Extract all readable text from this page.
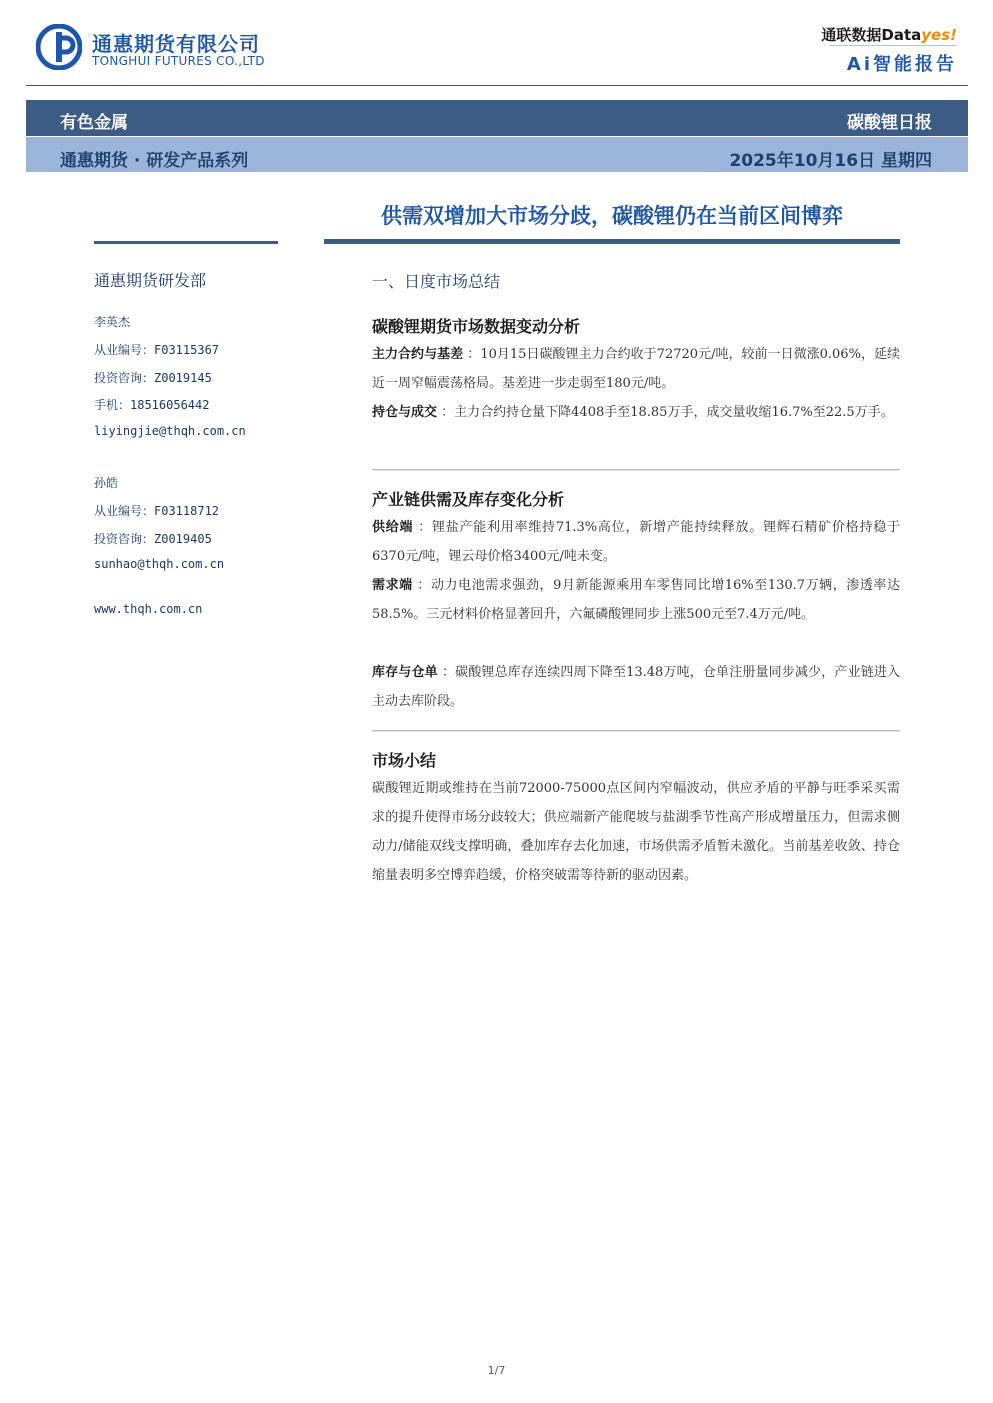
通惠期货有限公司
TONGHUI FUTURES CO.,LTD
通联数据Datayes!
Ai智能报告
有色金属	碳酸锂日报
通惠期货 · 研发产品系列	2025年10月16日 星期四
供需双增加大市场分歧，碳酸锂仍在当前区间博弈
通惠期货研发部
李英杰
从业编号：F03115367
投资咨询：Z0019145
手机：18516056442
liyingjie@thqh.com.cn
孙皓
从业编号：F03118712
投资咨询：Z0019405
sunhao@thqh.com.cn
www.thqh.com.cn
一、日度市场总结
碳酸锂期货市场数据变动分析
主力合约与基差 ：10月15日碳酸锂主力合约收于72720元/吨，较前一日微涨0.06%，延续近一周窄幅震荡格局。基差进一步走弱至180元/吨。
持仓与成交 ：主力合约持仓量下降4408手至18.85万手，成交量收缩16.7%至22.5万手。
产业链供需及库存变化分析
供给端 ：锂盐产能利用率维持71.3%高位，新增产能持续释放。锂辉石精矿价格持稳于6370元/吨，锂云母价格3400元/吨未变。
需求端 ：动力电池需求强劲，9月新能源乘用车零售同比增16%至130.7万辆，渗透率达58.5%。三元材料价格显著回升，六氟磷酸锂同步上涨500元至7.4万元/吨。
库存与仓单 ：碳酸锂总库存连续四周下降至13.48万吨，仓单注册量同步减少，产业链进入主动去库阶段。
市场小结
碳酸锂近期或维持在当前72000-75000点区间内窄幅波动，供应矛盾的平静与旺季采买需求的提升使得市场分歧较大；供应端新产能爬坡与盐湖季节性高产形成增量压力，但需求侧动力/储能双线支撑明确，叠加库存去化加速，市场供需矛盾暂未激化。当前基差收敛、持仓缩量表明多空博弈趋缓，价格突破需等待新的驱动因素。
1/7
